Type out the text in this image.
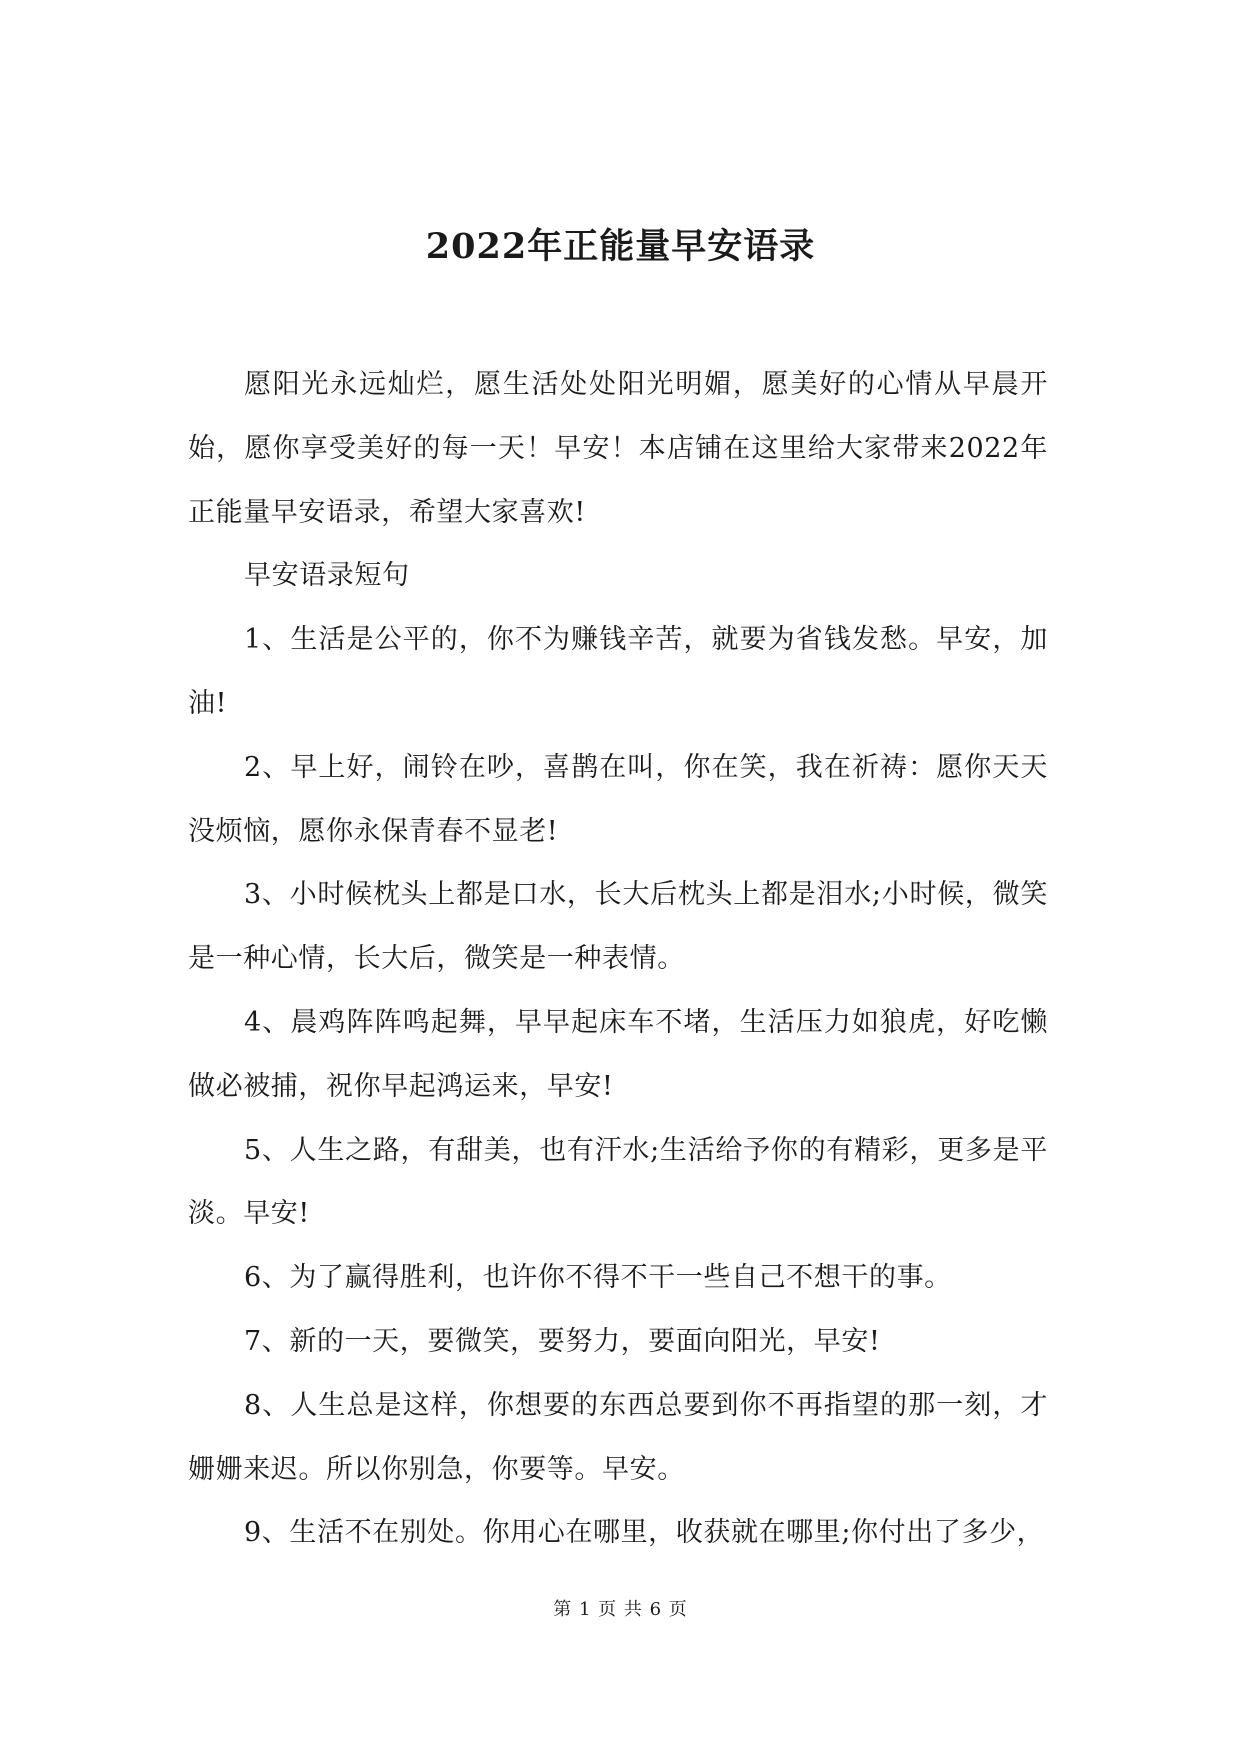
2022年正能量早安语录

愿阳光永远灿烂，愿生活处处阳光明媚，愿美好的心情从早晨开始，愿你享受美好的每一天！早安！本店铺在这里给大家带来2022年正能量早安语录，希望大家喜欢!

早安语录短句

1、生活是公平的，你不为赚钱辛苦，就要为省钱发愁。早安，加油!

2、早上好，闹铃在吵，喜鹊在叫，你在笑，我在祈祷：愿你天天没烦恼，愿你永保青春不显老!

3、小时候枕头上都是口水，长大后枕头上都是泪水;小时候，微笑是一种心情，长大后，微笑是一种表情。

4、晨鸡阵阵鸣起舞，早早起床车不堵，生活压力如狼虎，好吃懒做必被捕，祝你早起鸿运来，早安!

5、人生之路，有甜美，也有汗水;生活给予你的有精彩，更多是平淡。早安!

6、为了赢得胜利，也许你不得不干一些自己不想干的事。

7、新的一天，要微笑，要努力，要面向阳光，早安!

8、人生总是这样，你想要的东西总要到你不再指望的那一刻，才姗姗来迟。所以你别急，你要等。早安。

9、生活不在别处。你用心在哪里，收获就在哪里;你付出了多少，

第 1 页 共 6 页
